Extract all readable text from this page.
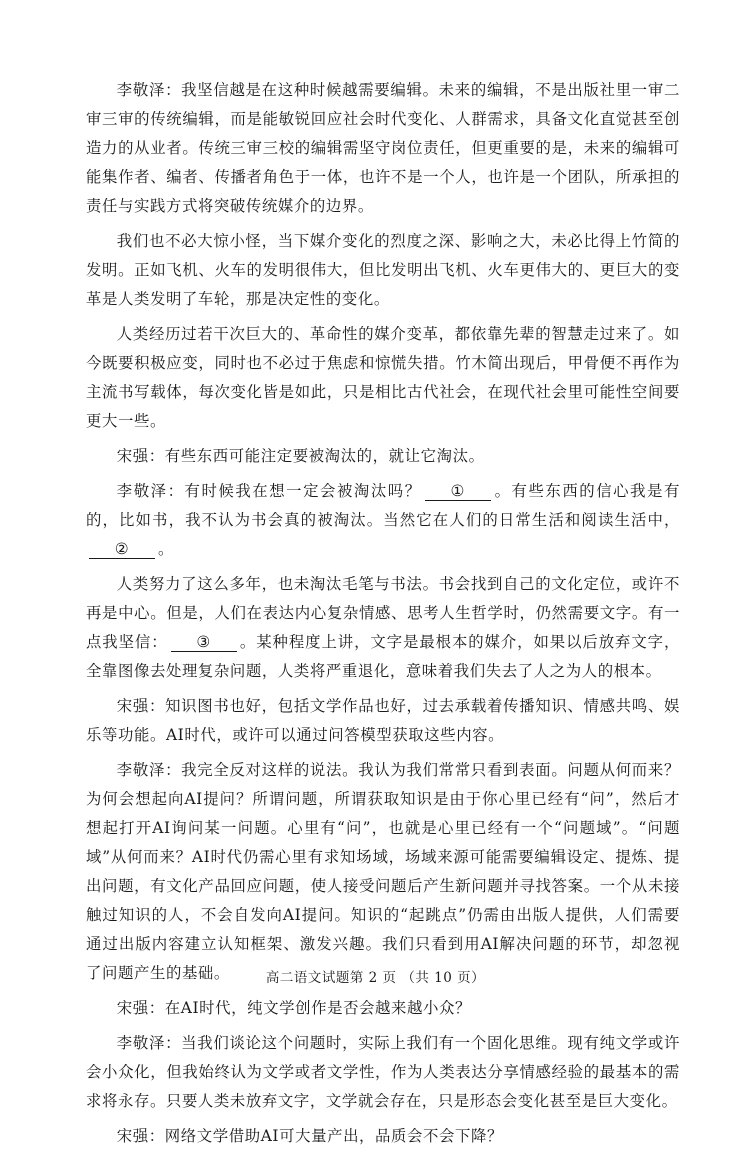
李敬泽：我坚信越是在这种时候越需要编辑。未来的编辑，不是出版社里一审二审三审的传统编辑，而是能敏锐回应社会时代变化、人群需求，具备文化直觉甚至创造力的从业者。传统三审三校的编辑需坚守岗位责任，但更重要的是，未来的编辑可能集作者、编者、传播者角色于一体，也许不是一个人，也许是一个团队，所承担的责任与实践方式将突破传统媒介的边界。

我们也不必大惊小怪，当下媒介变化的烈度之深、影响之大，未必比得上竹简的发明。正如飞机、火车的发明很伟大，但比发明出飞机、火车更伟大的、更巨大的变革是人类发明了车轮，那是决定性的变化。

人类经历过若干次巨大的、革命性的媒介变革，都依靠先辈的智慧走过来了。如今既要积极应变，同时也不必过于焦虑和惊慌失措。竹木简出现后，甲骨便不再作为主流书写载体，每次变化皆是如此，只是相比古代社会，在现代社会里可能性空间要更大一些。

宋强：有些东西可能注定要被淘汰的，就让它淘汰。

李敬泽：有时候我在想一定会被淘汰吗？ ① 。有些东西的信心我是有的，比如书，我不认为书会真的被淘汰。当然它在人们的日常生活和阅读生活中，② 。

人类努力了这么多年，也未淘汰毛笔与书法。书会找到自己的文化定位，或许不再是中心。但是，人们在表达内心复杂情感、思考人生哲学时，仍然需要文字。有一点我坚信： ③ 。某种程度上讲，文字是最根本的媒介，如果以后放弃文字，全靠图像去处理复杂问题，人类将严重退化，意味着我们失去了人之为人的根本。

宋强：知识图书也好，包括文学作品也好，过去承载着传播知识、情感共鸣、娱乐等功能。AI时代，或许可以通过问答模型获取这些内容。

李敬泽：我完全反对这样的说法。我认为我们常常只看到表面。问题从何而来？为何会想起向AI提问？所谓问题，所谓获取知识是由于你心里已经有“问”，然后才想起打开AI询问某一问题。心里有“问”，也就是心里已经有一个“问题域”。“问题域”从何而来？AI时代仍需心里有求知场域，场域来源可能需要编辑设定、提炼、提出问题，有文化产品回应问题，使人接受问题后产生新问题并寻找答案。一个从未接触过知识的人，不会自发向AI提问。知识的“起跳点”仍需由出版人提供，人们需要通过出版内容建立认知框架、激发兴趣。我们只看到用AI解决问题的环节，却忽视了问题产生的基础。

宋强：在AI时代，纯文学创作是否会越来越小众？

李敬泽：当我们谈论这个问题时，实际上我们有一个固化思维。现有纯文学或许会小众化，但我始终认为文学或者文学性，作为人类表达分享情感经验的最基本的需求将永存。只要人类未放弃文字，文学就会存在，只是形态会变化甚至是巨大变化。

宋强：网络文学借助AI可大量产出，品质会不会下降？

高二语文试题第 2 页 （共 10 页）
